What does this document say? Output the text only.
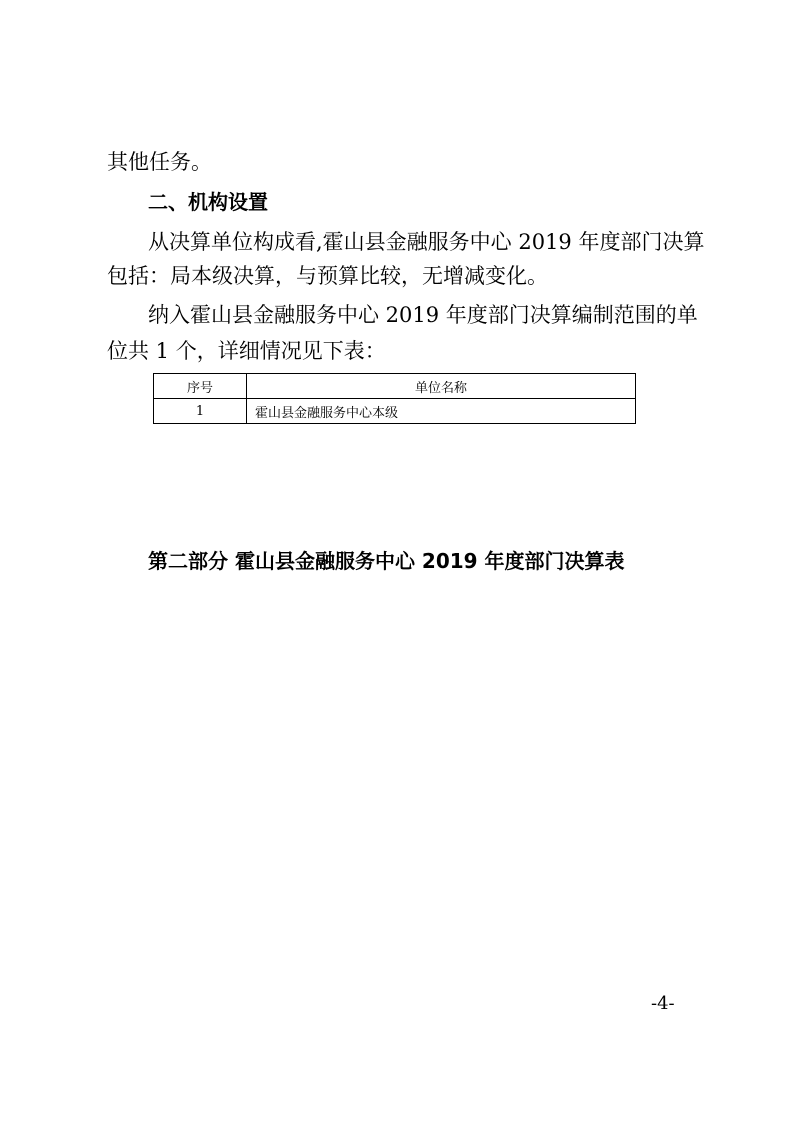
其他任务。
二、机构设置
从决算单位构成看,霍山县金融服务中心 2019 年度部门决算
包括：局本级决算，与预算比较，无增减变化。
纳入霍山县金融服务中心 2019 年度部门决算编制范围的单
位共 1 个，详细情况见下表：
序号	单位名称
1	霍山县金融服务中心本级
第二部分 霍山县金融服务中心 2019 年度部门决算表
-4-
